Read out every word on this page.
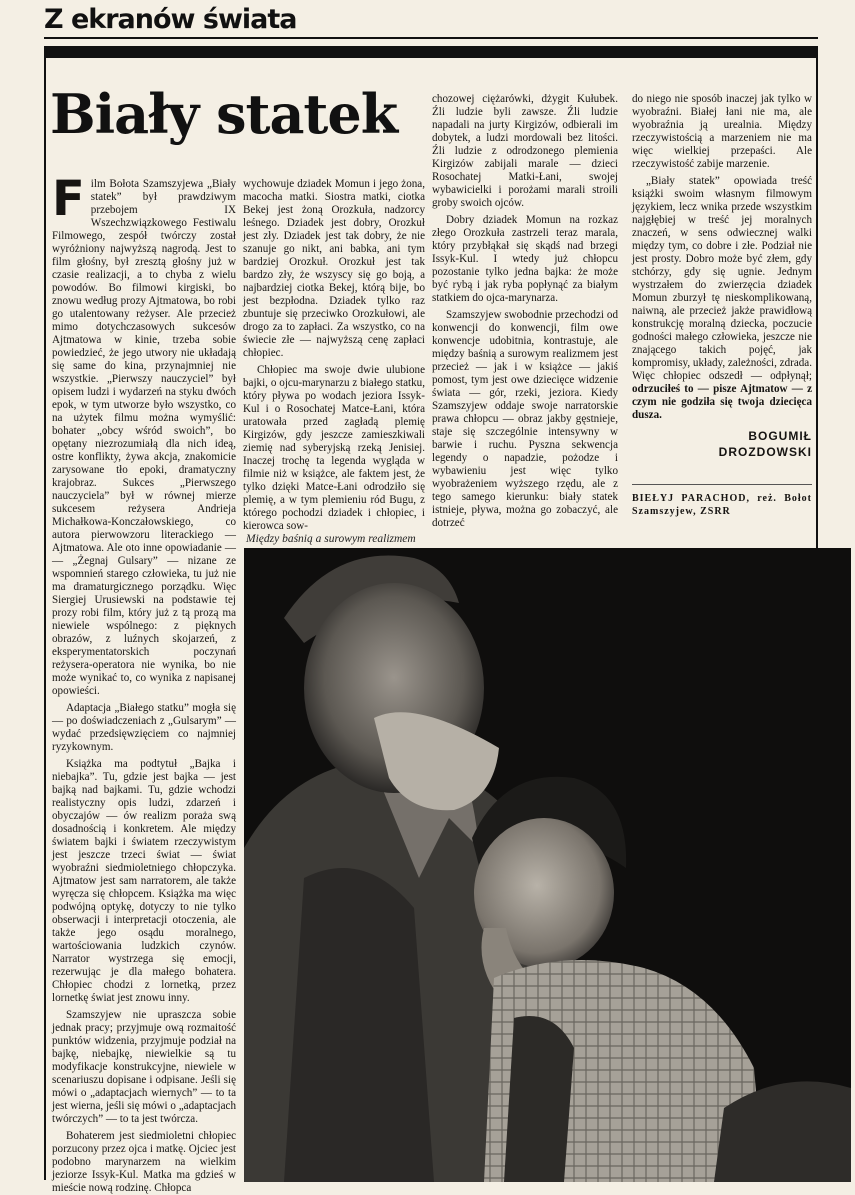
Z ekranów świata
Biały statek

Film Bołota Szamszyjewa „Biały statek” był prawdziwym przebojem IX Wszechzwiązkowego Festiwalu Filmowego, zespół twórczy został wyróżniony najwyższą nagrodą. Jest to film głośny, był zresztą głośny już w czasie realizacji, a to chyba z wielu powodów. Bo filmowi kirgiski, bo znowu według prozy Ajtmatowa, bo robi go utalentowany reżyser. Ale przecież mimo dotychczasowych sukcesów Ajtmatowa w kinie, trzeba sobie powiedzieć, że jego utwory nie układają się same do kina, przynajmniej nie wszystkie. „Pierwszy nauczyciel” był opisem ludzi i wydarzeń na styku dwóch epok, w tym utworze było wszystko, co na użytek filmu można wymyślić: bohater „obcy wśród swoich”, bo opętany niezrozumiałą dla nich ideą, ostre konflikty, żywa akcja, znakomicie zarysowane tło epoki, dramatyczny krajobraz. Sukces „Pierwszego nauczyciela” był w równej mierze sukcesem reżysera Andrieja Michałkowa-Konczałowskiego, co autora pierwowzoru literackiego — Ajtmatowa. Ale oto inne opowiadanie — — „Żegnaj Gulsary” — nizane ze wspomnień starego człowieka, tu już nie ma dramaturgicznego porządku. Więc Siergiej Urusiewski na podstawie tej prozy robi film, który już z tą prozą ma niewiele wspólnego: z pięknych obrazów, z luźnych skojarzeń, z eksperymentatorskich poczynań reżysera-operatora nie wynika, bo nie może wynikać to, co wynika z napisanej opowieści.

Adaptacja „Białego statku” mogła się — po doświadczeniach z „Gulsarym” — wydać przedsięwzięciem co najmniej ryzykownym.

Książka ma podtytuł „Bajka i niebajka”. Tu, gdzie jest bajka — jest bajką nad bajkami. Tu, gdzie wchodzi realistyczny opis ludzi, zdarzeń i obyczajów — ów realizm poraża swą dosadnością i konkretem. Ale między światem bajki i światem rzeczywistym jest jeszcze trzeci świat — świat wyobraźni siedmioletniego chłopczyka. Ajtmatow jest sam narratorem, ale także wyręcza się chłopcem. Książka ma więc podwójną optykę, dotyczy to nie tylko obserwacji i interpretacji otoczenia, ale także jego osądu moralnego, wartościowania ludzkich czynów. Narrator wystrzega się emocji, rezerwując je dla małego bohatera. Chłopiec chodzi z lornetką, przez lornetkę świat jest znowu inny.

Szamszyjew nie upraszcza sobie jednak pracy; przyjmuje ową rozmaitość punktów widzenia, przyjmuje podział na bajkę, niebajkę, niewielkie są tu modyfikacje konstrukcyjne, niewiele w scenariuszu dopisane i odpisane. Jeśli się mówi o „adaptacjach wiernych” — to ta jest wierna, jeśli się mówi o „adaptacjach twórczych” — to ta jest twórcza.

Bohaterem jest siedmioletni chłopiec porzucony przez ojca i matkę. Ojciec jest podobno marynarzem na wielkim jeziorze Issyk-Kul. Matka ma gdzieś w mieście nową rodzinę. Chłopca

wychowuje dziadek Momun i jego żona, macocha matki. Siostra matki, ciotka Bekej jest żoną Orozkuła, nadzorcy leśnego. Dziadek jest dobry, Orozkuł jest zły. Dziadek jest tak dobry, że nie szanuje go nikt, ani babka, ani tym bardziej Orozkuł. Orozkuł jest tak bardzo zły, że wszyscy się go boją, a najbardziej ciotka Bekej, którą bije, bo jest bezpłodna. Dziadek tylko raz zbuntuje się przeciwko Orozkułowi, ale drogo za to zapłaci. Za wszystko, co na świecie złe — najwyższą cenę zapłaci chłopiec.

Chłopiec ma swoje dwie ulubione bajki, o ojcu-marynarzu z białego statku, który pływa po wodach jeziora Issyk-Kul i o Rosochatej Matce-Łani, która uratowała przed zagładą plemię Kirgizów, gdy jeszcze zamieszkiwali ziemię nad syberyjską rzeką Jenisiej. Inaczej trochę ta legenda wygląda w filmie niż w książce, ale faktem jest, że tylko dzięki Matce-Łani odrodziło się plemię, a w tym plemieniu ród Bugu, z którego pochodzi dziadek i chłopiec, i kierowca sow-

chozowej ciężarówki, dżygit Kułubek. Źli ludzie byli zawsze. Źli ludzie napadali na jurty Kirgizów, odbierali im dobytek, a ludzi mordowali bez litości. Źli ludzie z odrodzonego plemienia Kirgizów zabijali marale — dzieci Rosochatej Matki-Łani, swojej wybawicielki i porożami marali stroili groby swoich ojców.

Dobry dziadek Momun na rozkaz złego Orozkuła zastrzeli teraz marala, który przybłąkał się skądś nad brzegi Issyk-Kul. I wtedy już chłopcu pozostanie tylko jedna bajka: że może być rybą i jak ryba popłynąć za białym statkiem do ojca-marynarza.

Szamszyjew swobodnie przechodzi od konwencji do konwencji, film owe konwencje udobitnia, kontrastuje, ale między baśnią a surowym realizmem jest przecież — jak i w książce — jakiś pomost, tym jest owe dziecięce widzenie świata — gór, rzeki, jeziora. Kiedy Szamszyjew oddaje swoje narratorskie prawa chłopcu — obraz jakby gęstnieje, staje się szczególnie intensywny w barwie i ruchu. Pyszna sekwencja legendy o napadzie, pożodze i wybawieniu jest więc tylko wyobrażeniem wyższego rzędu, ale z tego samego kierunku: biały statek istnieje, pływa, można go zobaczyć, ale dotrzeć

do niego nie sposób inaczej jak tylko w wyobraźni. Białej łani nie ma, ale wyobraźnia ją urealnia. Między rzeczywistością a marzeniem nie ma więc wielkiej przepaści. Ale rzeczywistość zabije marzenie.

„Biały statek” opowiada treść książki swoim własnym filmowym językiem, lecz wnika przede wszystkim najgłębiej w treść jej moralnych znaczeń, w sens odwiecznej walki między tym, co dobre i złe. Podział nie jest prosty. Dobro może być złem, gdy stchórzy, gdy się ugnie. Jednym wystrzałem do zwierzęcia dziadek Momun zburzył tę nieskomplikowaną, naiwną, ale przecież jakże prawidłową konstrukcję moralną dziecka, poczucie godności małego człowieka, jeszcze nie znającego takich pojęć, jak kompromisy, układy, zależności, zdrada. Więc chłopiec odszedł — odpłynął; odrzuciłeś to — pisze Ajtmatow — z czym nie godziła się twoja dziecięca dusza.

BOGUMIŁ
DROZDOWSKI
BIEŁYJ PARACHOD, reż. Bołot Szamszyjew, ZSRR
Między baśnią a surowym realizmem
